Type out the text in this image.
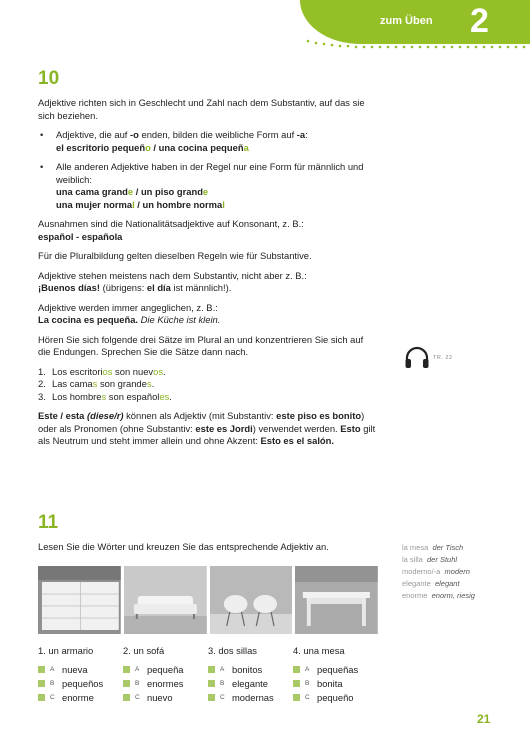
zum Üben 2
10

Adjektive richten sich in Geschlecht und Zahl nach dem Substantiv, auf das sie sich beziehen.

• Adjektive, die auf -o enden, bilden die weibliche Form auf -a:
el escritorio pequeño / una cocina pequeña
• Alle anderen Adjektive haben in der Regel nur eine Form für männlich und weiblich:
una cama grande / un piso grande
una mujer normal / un hombre normal

Ausnahmen sind die Nationalitätsadjektive auf Konsonant, z. B.:
español - española

Für die Pluralbildung gelten dieselben Regeln wie für Substantive.

Adjektive stehen meistens nach dem Substantiv, nicht aber z. B.:
¡Buenos días! (übrigens: el día ist männlich!).

Adjektive werden immer angeglichen, z. B.:
La cocina es pequeña. Die Küche ist klein.

Hören Sie sich folgende drei Sätze im Plural an und konzentrieren Sie sich auf die Endungen. Sprechen Sie die Sätze dann nach.

1. Los escritorios son nuevos.
2. Las camas son grandes.
3. Los hombres son españoles.

Este / esta (diese/r) können als Adjektiv (mit Substantiv: este piso es bonito) oder als Pronomen (ohne Substantiv: este es Jordi) verwendet werden. Esto gilt als Neutrum und steht immer allein und ohne Akzent: Esto es el salón.

TR. 22
11
Lesen Sie die Wörter und kreuzen Sie das entsprechende Adjektiv an.	la mesa der Tisch
la silla der Stuhl
moderno/-a modern
elegante elegant
enorme enorm, riesig
1. un armario
A nueva
B pequeños
C enorme
2. un sofá
A pequeña
B enormes
C nuevo
3. dos sillas
A bonitos
B elegante
C modernas
4. una mesa
A pequeñas
B bonita
C pequeño
21
